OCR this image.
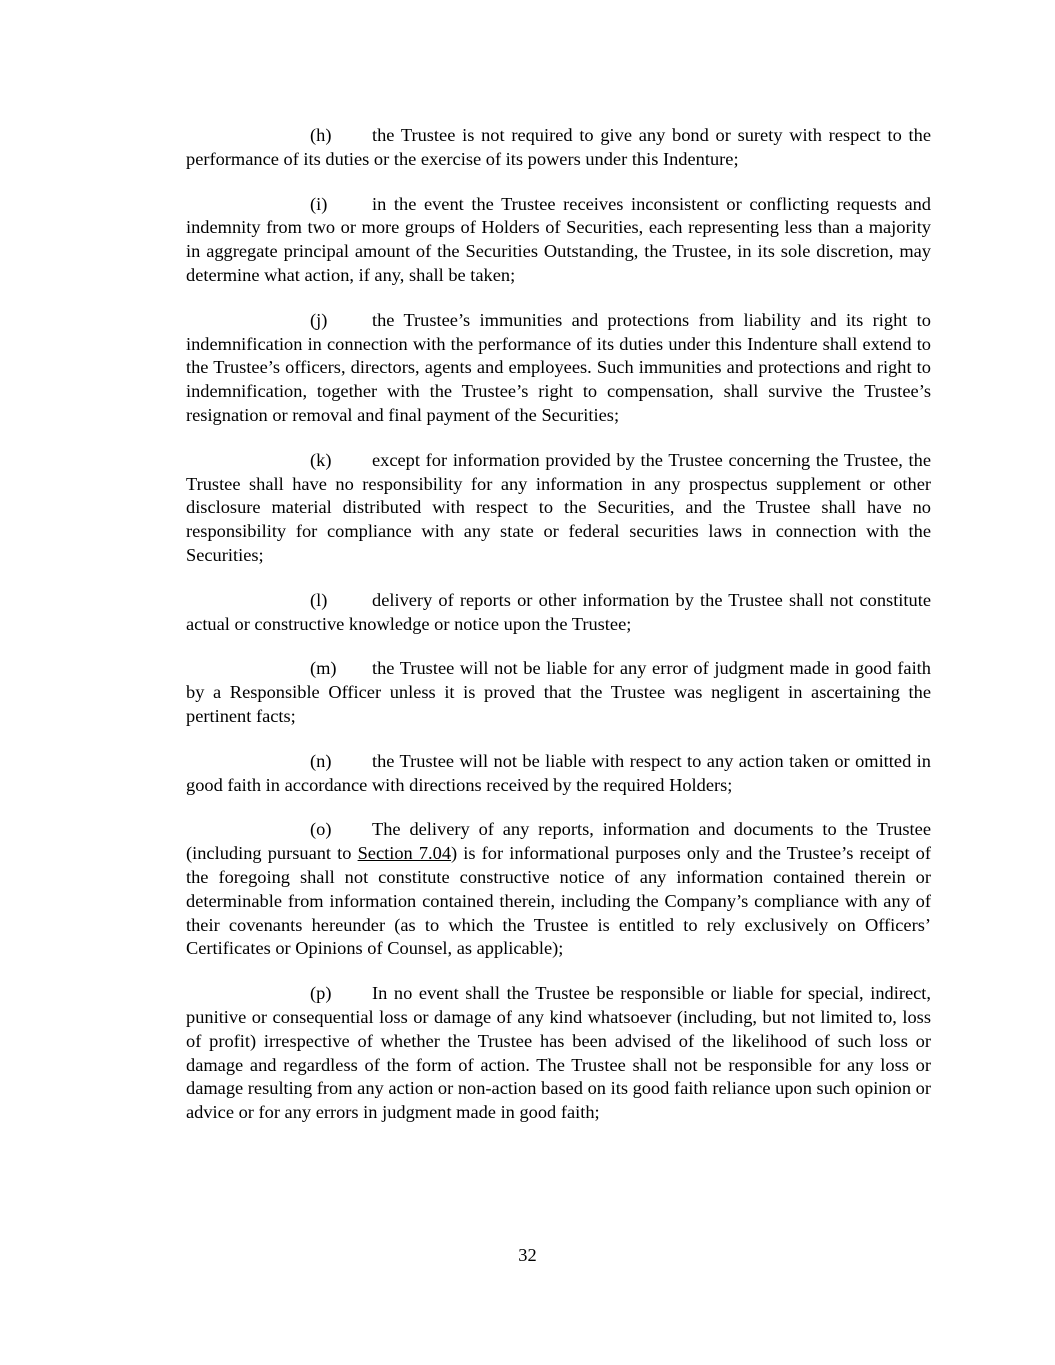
(h) the Trustee is not required to give any bond or surety with respect to the performance of its duties or the exercise of its powers under this Indenture;

(i) in the event the Trustee receives inconsistent or conflicting requests and indemnity from two or more groups of Holders of Securities, each representing less than a majority in aggregate principal amount of the Securities Outstanding, the Trustee, in its sole discretion, may determine what action, if any, shall be taken;

(j) the Trustee’s immunities and protections from liability and its right to indemnification in connection with the performance of its duties under this Indenture shall extend to the Trustee’s officers, directors, agents and employees. Such immunities and protections and right to indemnification, together with the Trustee’s right to compensation, shall survive the Trustee’s resignation or removal and final payment of the Securities;

(k) except for information provided by the Trustee concerning the Trustee, the Trustee shall have no responsibility for any information in any prospectus supplement or other disclosure material distributed with respect to the Securities, and the Trustee shall have no responsibility for compliance with any state or federal securities laws in connection with the Securities;

(l) delivery of reports or other information by the Trustee shall not constitute actual or constructive knowledge or notice upon the Trustee;

(m) the Trustee will not be liable for any error of judgment made in good faith by a Responsible Officer unless it is proved that the Trustee was negligent in ascertaining the pertinent facts;

(n) the Trustee will not be liable with respect to any action taken or omitted in good faith in accordance with directions received by the required Holders;

(o) The delivery of any reports, information and documents to the Trustee (including pursuant to Section 7.04) is for informational purposes only and the Trustee’s receipt of the foregoing shall not constitute constructive notice of any information contained therein or determinable from information contained therein, including the Company’s compliance with any of their covenants hereunder (as to which the Trustee is entitled to rely exclusively on Officers’ Certificates or Opinions of Counsel, as applicable);

(p) In no event shall the Trustee be responsible or liable for special, indirect, punitive or consequential loss or damage of any kind whatsoever (including, but not limited to, loss of profit) irrespective of whether the Trustee has been advised of the likelihood of such loss or damage and regardless of the form of action. The Trustee shall not be responsible for any loss or damage resulting from any action or non-action based on its good faith reliance upon such opinion or advice or for any errors in judgment made in good faith;

32
